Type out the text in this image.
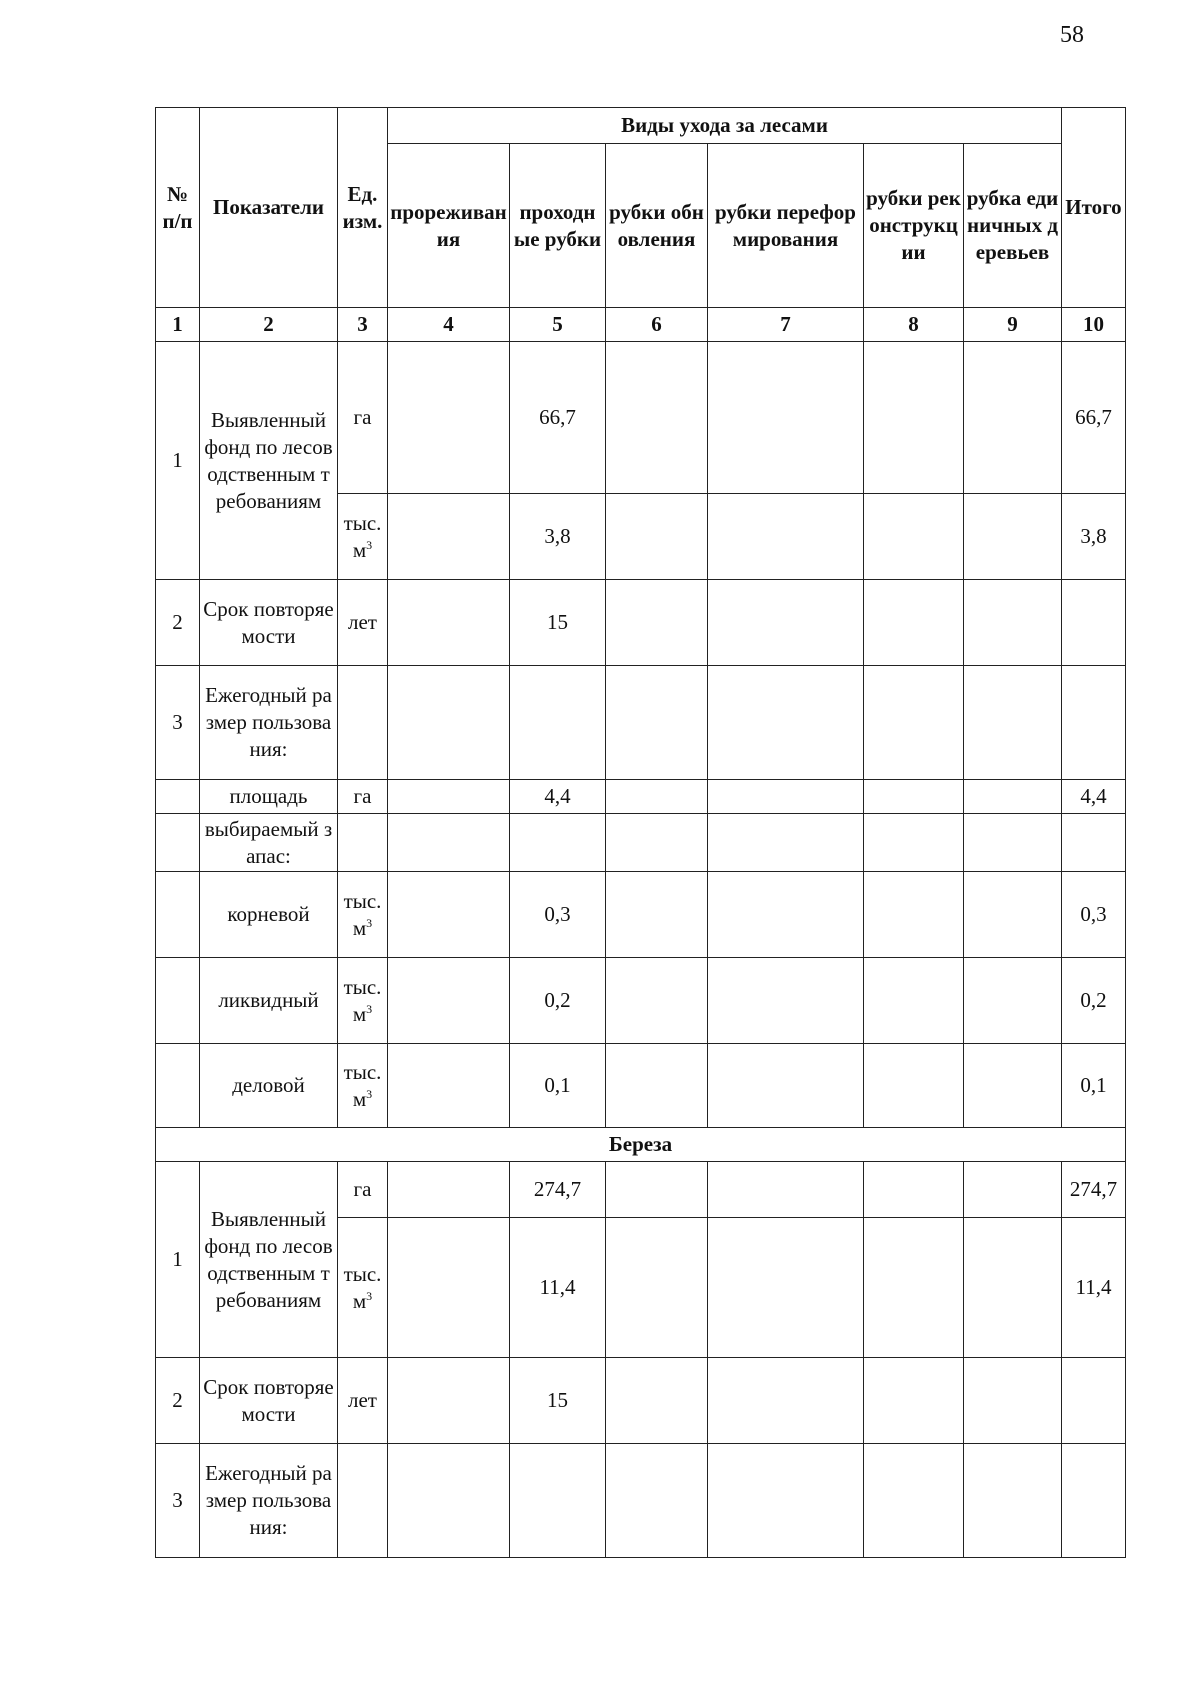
58
№ п/п	Показатели	Ед. изм.	Виды ухода за лесами						Итого
			прореживания	проходные рубки	рубки обновления	рубки переформирования	рубки реконструкции	рубка единичных деревьев	
1	2	3	4	5	6	7	8	9	10
1	Выявленный фонд по лесоводственным требованиям	га		66,7					66,7
		тыс. $м^3$		3,8					3,8
2	Срок повторяемости	лет		15					
3	Ежегодный размер пользования:								
	площадь	га		4,4					4,4
	выбираемый запас:								
	корневой	тыс. $м^3$		0,3					0,3
	ликвидный	тыс. $м^3$		0,2					0,2
	деловой	тыс. $м^3$		0,1					0,1
Береза									
1	Выявленный фонд по лесоводственным требованиям	га		274,7					274,7
		тыс. $м^3$		11,4					11,4
2	Срок повторяемости	лет		15					
3	Ежегодный размер пользования:								
